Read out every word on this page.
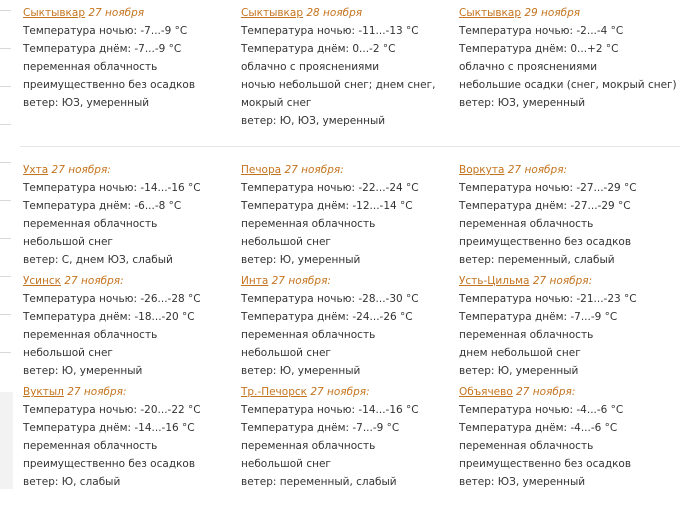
Сыктывкар 27 ноября
Температура ночью: -7...-9 °C
Температура днём: -7...-9 °C
переменная облачность
преимущественно без осадков
ветер: ЮЗ, умеренный
Сыктывкар 28 ноября
Температура ночью: -11...-13 °C
Температура днём: 0...-2 °C
облачно с прояснениями
ночью небольшой снег; днем снег,
мокрый снег
ветер: Ю, ЮЗ, умеренный
Сыктывкар 29 ноября
Температура ночью: -2...-4 °C
Температура днём: 0...+2 °C
облачно с прояснениями
небольшие осадки (снег, мокрый снег)
ветер: ЮЗ, умеренный
Ухта 27 ноября:
Температура ночью: -14...-16 °C
Температура днём: -6...-8 °C
переменная облачность
небольшой снег
ветер: С, днем ЮЗ, слабый
Печора 27 ноября:
Температура ночью: -22...-24 °C
Температура днём: -12...-14 °C
переменная облачность
небольшой снег
ветер: Ю, умеренный
Воркута 27 ноября:
Температура ночью: -27...-29 °C
Температура днём: -27...-29 °C
переменная облачность
преимущественно без осадков
ветер: переменный, слабый
Усинск 27 ноября:
Температура ночью: -26...-28 °C
Температура днём: -18...-20 °C
переменная облачность
небольшой снег
ветер: Ю, умеренный
Инта 27 ноября:
Температура ночью: -28...-30 °C
Температура днём: -24...-26 °C
переменная облачность
небольшой снег
ветер: Ю, умеренный
Усть-Цильма 27 ноября:
Температура ночью: -21...-23 °C
Температура днём: -7...-9 °C
переменная облачность
днем небольшой снег
ветер: Ю, умеренный
Вуктыл 27 ноября:
Температура ночью: -20...-22 °C
Температура днём: -14...-16 °C
переменная облачность
преимущественно без осадков
ветер: Ю, слабый
Тр.-Печорск 27 ноября:
Температура ночью: -14...-16 °C
Температура днём: -7...-9 °C
переменная облачность
небольшой снег
ветер: переменный, слабый
Объячево 27 ноября:
Температура ночью: -4...-6 °C
Температура днём: -4...-6 °C
переменная облачность
преимущественно без осадков
ветер: ЮЗ, умеренный
